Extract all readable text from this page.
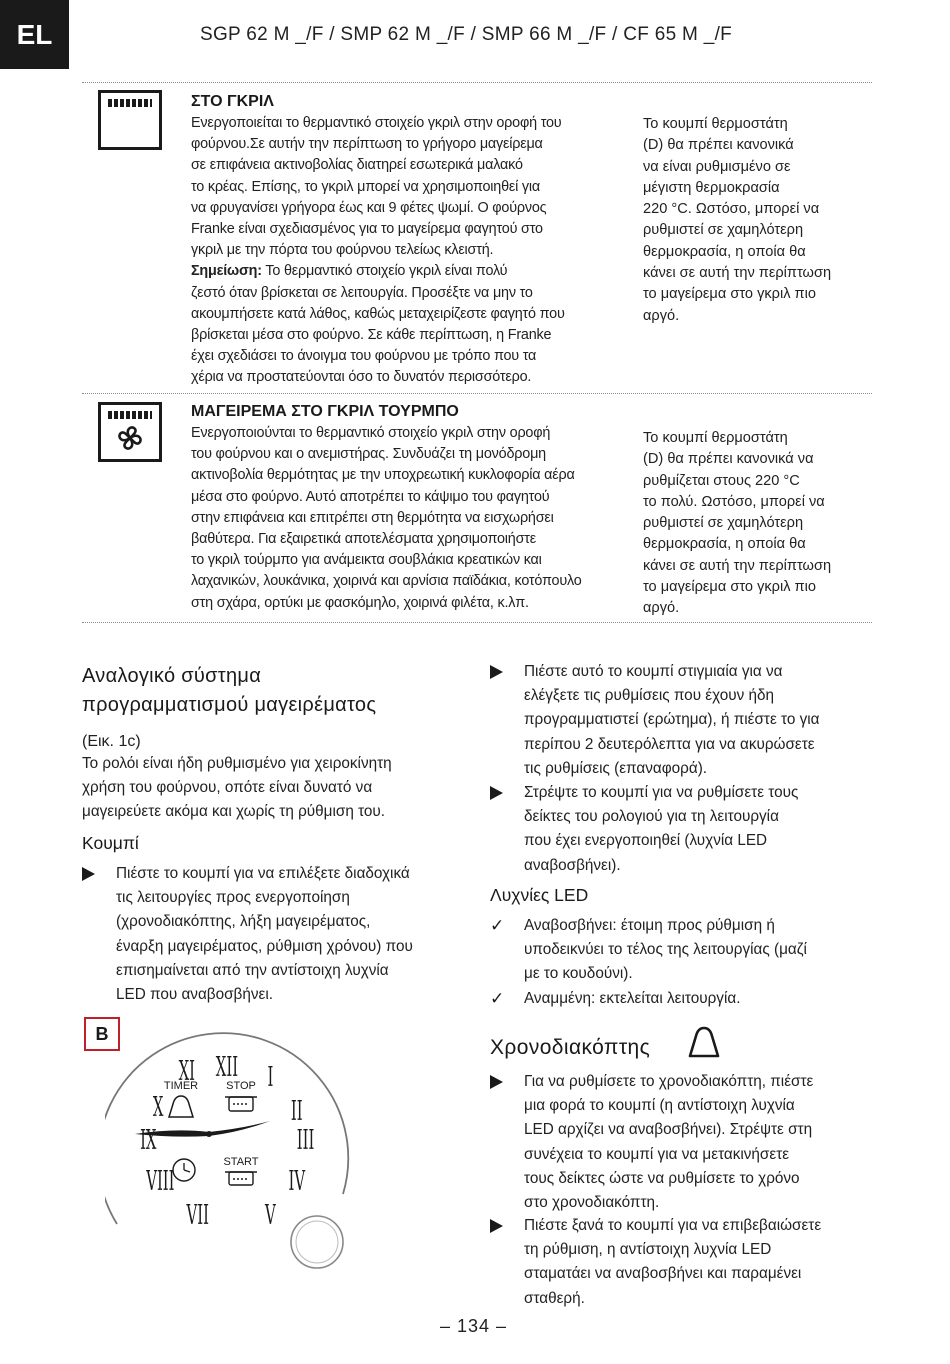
EL	SGP 62 M _/F / SMP 62 M _/F / SMP 66 M _/F / CF 65 M _/F
ΣΤΟ ΓΚΡΙΛ
Ενεργοποιείται το θερμαντικό στοιχείο γκριλ στην οροφή του
φούρνου.Σε αυτήν την περίπτωση το γρήγορο μαγείρεμα
σε επιφάνεια ακτινοβολίας διατηρεί εσωτερικά μαλακό
το κρέας. Επίσης, το γκριλ μπορεί να χρησιμοποιηθεί για
να φρυγανίσει γρήγορα έως και 9 φέτες ψωμί. Ο φούρνος
Franke είναι σχεδιασμένος για το μαγείρεμα φαγητού στο
γκριλ με την πόρτα του φούρνου τελείως κλειστή.
Σημείωση: Το θερμαντικό στοιχείο γκριλ είναι πολύ
ζεστό όταν βρίσκεται σε λειτουργία. Προσέξτε να μην το
ακουμπήσετε κατά λάθος, καθώς μεταχειρίζεστε φαγητό που
βρίσκεται μέσα στο φούρνο. Σε κάθε περίπτωση, η Franke
έχει σχεδιάσει το άνοιγμα του φούρνου με τρόπο που τα
χέρια να προστατεύονται όσο το δυνατόν περισσότερο.
Το κουμπί θερμοστάτη
(D) θα πρέπει κανονικά
να είναι ρυθμισμένο σε
μέγιστη θερμοκρασία
220 °C. Ωστόσο, μπορεί να
ρυθμιστεί σε χαμηλότερη
θερμοκρασία, η οποία θα
κάνει σε αυτή την περίπτωση
το μαγείρεμα στο γκριλ πιο
αργό.
ΜΑΓΕΙΡΕΜΑ ΣΤΟ ΓΚΡΙΛ ΤΟΥΡΜΠΟ
Ενεργοποιούνται το θερμαντικό στοιχείο γκριλ στην οροφή
του φούρνου και ο ανεμιστήρας. Συνδυάζει τη μονόδρομη
ακτινοβολία θερμότητας με την υποχρεωτική κυκλοφορία αέρα
μέσα στο φούρνο. Αυτό αποτρέπει το κάψιμο του φαγητού
στην επιφάνεια και επιτρέπει στη θερμότητα να εισχωρήσει
βαθύτερα. Για εξαιρετικά αποτελέσματα χρησιμοποιήστε
το γκριλ τούρμπο για ανάμεικτα σουβλάκια κρεατικών και
λαχανικών, λουκάνικα, χοιρινά και αρνίσια παϊδάκια, κοτόπουλο
στη σχάρα, ορτύκι με φασκόμηλο, χοιρινά φιλέτα, κ.λπ.
Το κουμπί θερμοστάτη
(D) θα πρέπει κανονικά να
ρυθμίζεται στους 220 °C
το πολύ. Ωστόσο, μπορεί να
ρυθμιστεί σε χαμηλότερη
θερμοκρασία, η οποία θα
κάνει σε αυτή την περίπτωση
το μαγείρεμα στο γκριλ πιο
αργό.
Αναλογικό σύστημα
προγραμματισμού μαγειρέματος
(Εικ. 1c)
Το ρολόι είναι ήδη ρυθμισμένο για χειροκίνητη
χρήση του φούρνου, οπότε είναι δυνατό να
μαγειρεύετε ακόμα και χωρίς τη ρύθμιση του.
Κουμπί
Πιέστε το κουμπί για να επιλέξετε διαδοχικά
τις λειτουργίες προς ενεργοποίηση
(χρονοδιακόπτης, λήξη μαγειρέματος,
έναρξη μαγειρέματος, ρύθμιση χρόνου) που
επισημαίνεται από την αντίστοιχη λυχνία
LED που αναβοσβήνει.
B
XII I
II
III
IV
V
VII
VIII
IX
X
XI
TIMER	STOP
START
Πιέστε αυτό το κουμπί στιγμιαία για να
ελέγξετε τις ρυθμίσεις που έχουν ήδη
προγραμματιστεί (ερώτημα), ή πιέστε το για
περίπου 2 δευτερόλεπτα για να ακυρώσετε
τις ρυθμίσεις (επαναφορά).
Στρέψτε το κουμπί για να ρυθμίσετε τους
δείκτες του ρολογιού για τη λειτουργία
που έχει ενεργοποιηθεί (λυχνία LED
αναβοσβήνει).
Λυχνίες LED
✓ Αναβοσβήνει: έτοιμη προς ρύθμιση ή
υποδεικνύει το τέλος της λειτουργίας (μαζί
με το κουδούνι).
✓ Αναμμένη: εκτελείται λειτουργία.
Χρονοδιακόπτης
Για να ρυθμίσετε το χρονοδιακόπτη, πιέστε
μια φορά το κουμπί (η αντίστοιχη λυχνία
LED αρχίζει να αναβοσβήνει). Στρέψτε στη
συνέχεια το κουμπί για να μετακινήσετε
τους δείκτες ώστε να ρυθμίσετε το χρόνο
στο χρονοδιακόπτη.
Πιέστε ξανά το κουμπί για να επιβεβαιώσετε
τη ρύθμιση, η αντίστοιχη λυχνία LED
σταματάει να αναβοσβήνει και παραμένει
σταθερή.
– 134 –
